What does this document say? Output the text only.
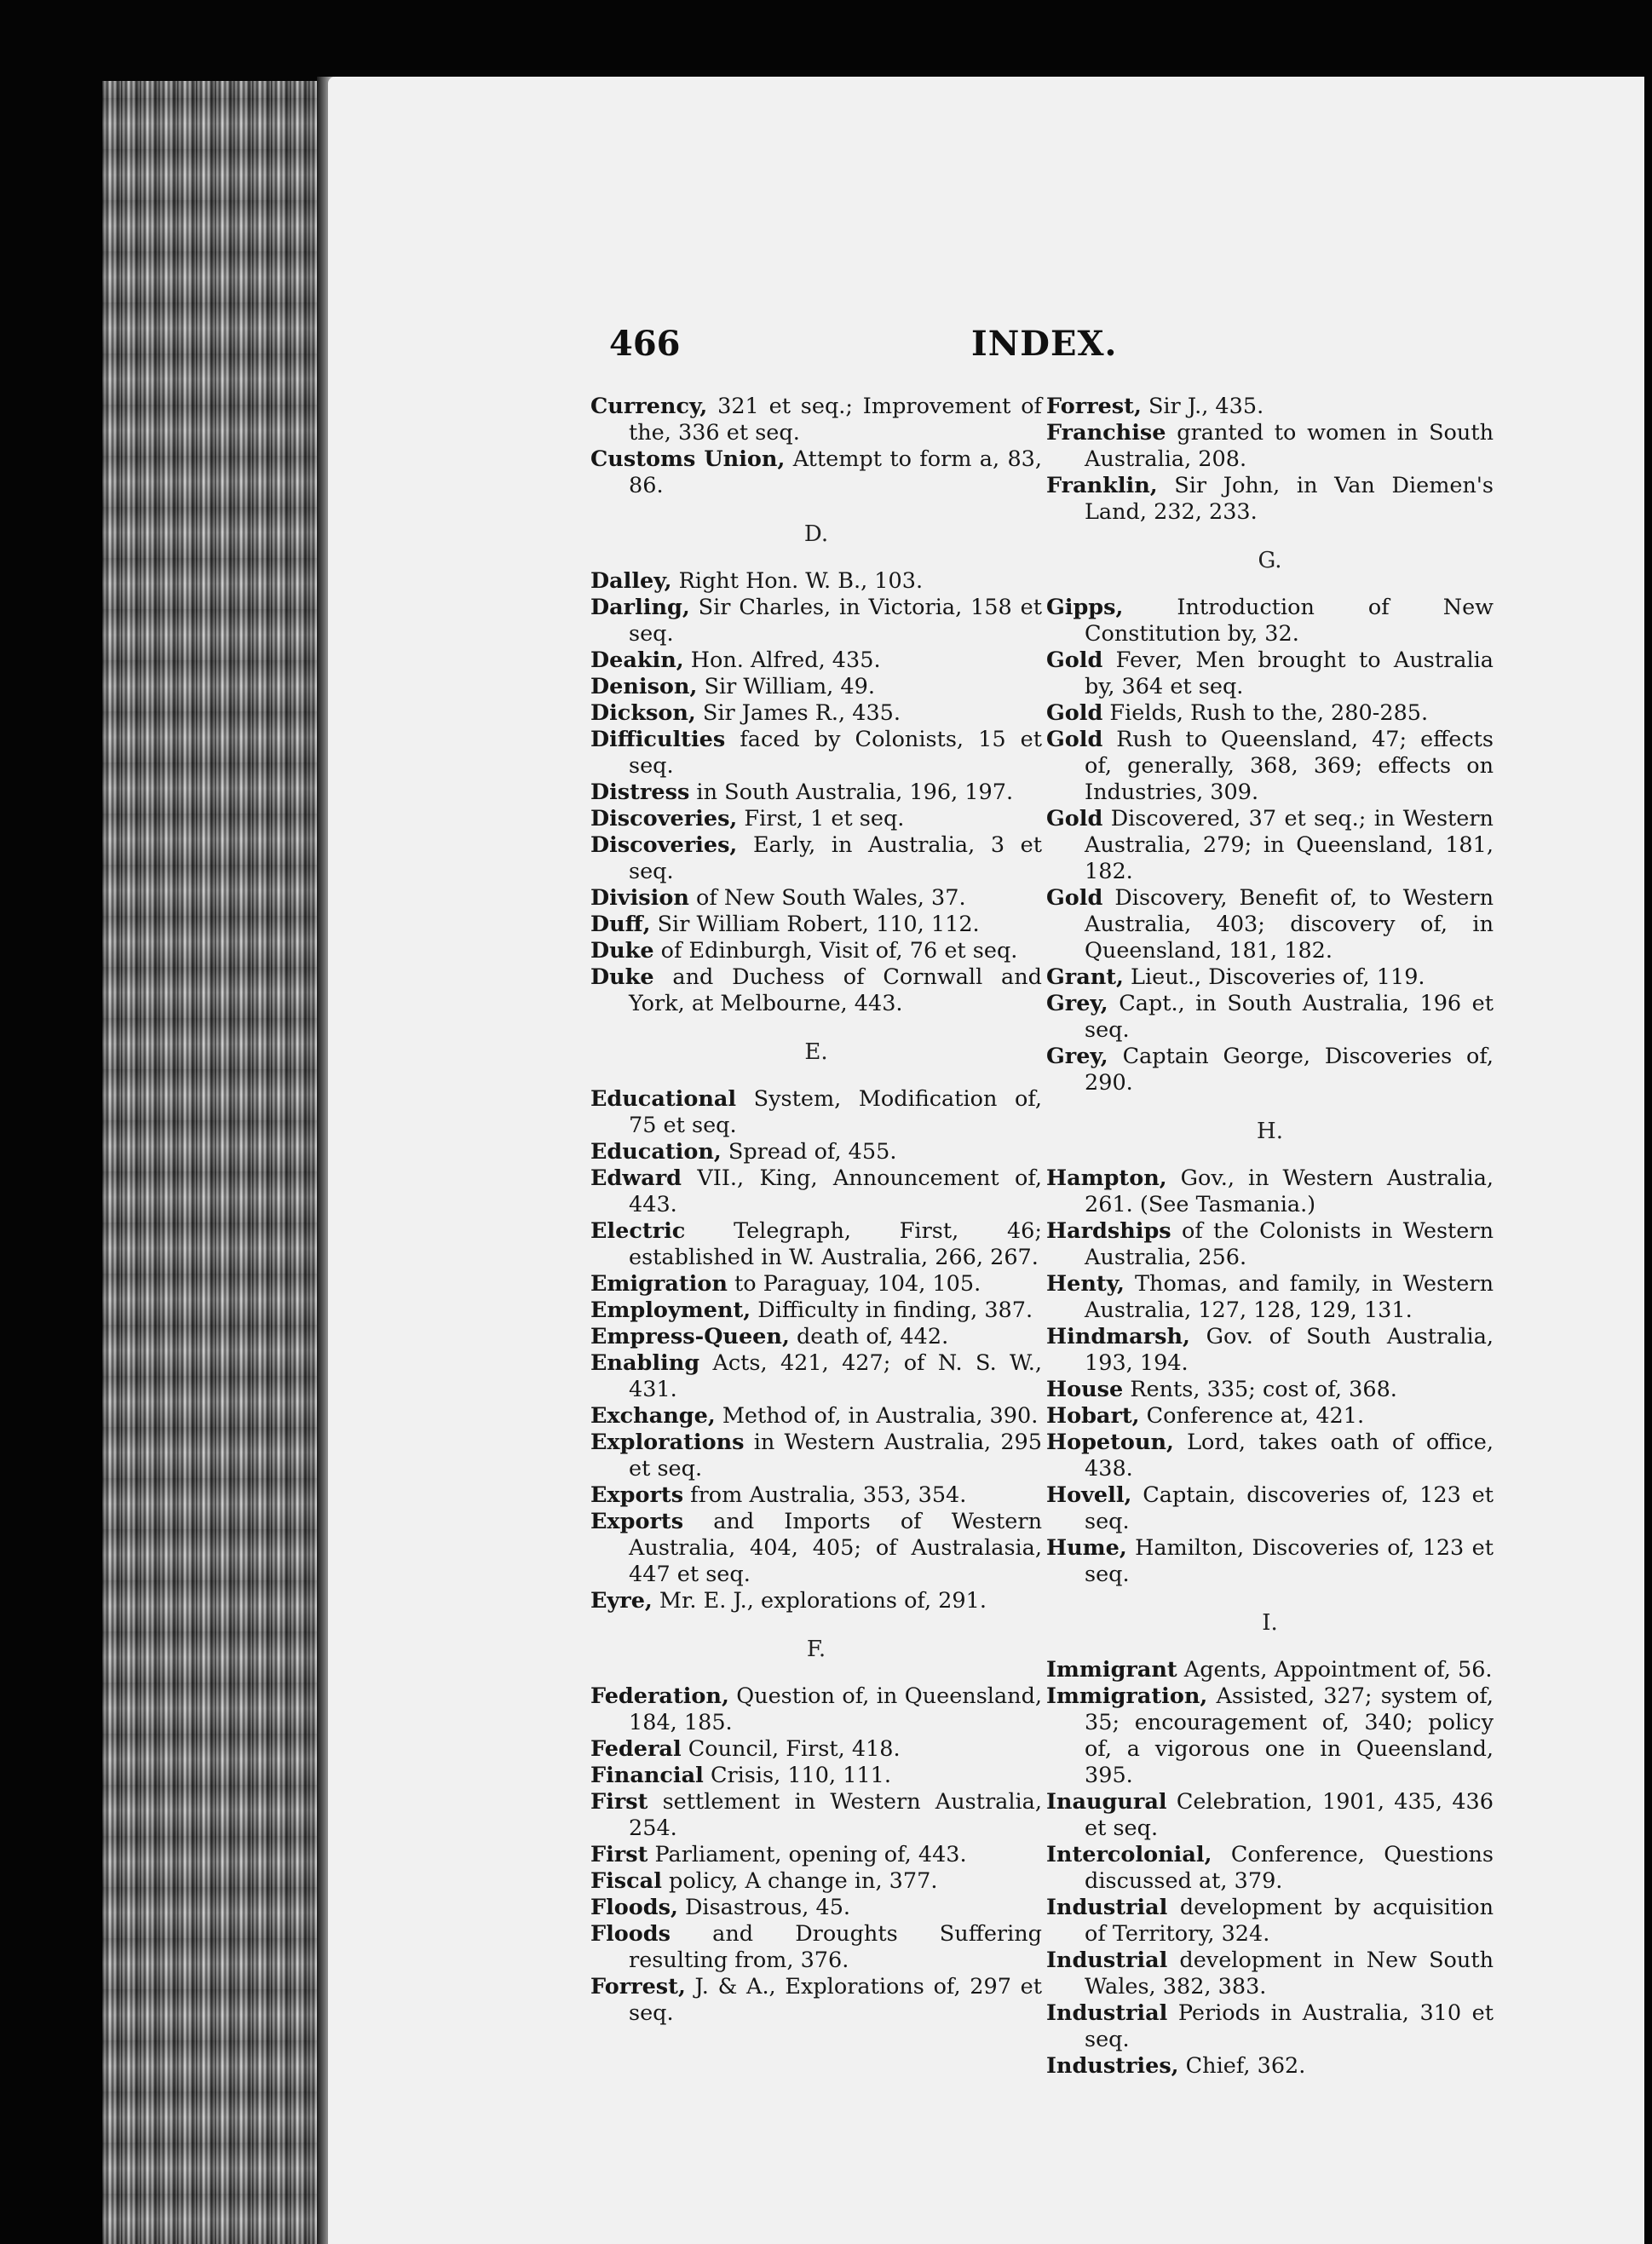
466	INDEX.

Currency, 321 et seq.; Improvement of the, 336 et seq.

Customs Union, Attempt to form a, 83, 86.

D.

Dalley, Right Hon. W. B., 103.

Darling, Sir Charles, in Victoria, 158 et seq.

Deakin, Hon. Alfred, 435.

Denison, Sir William, 49.

Dickson, Sir James R., 435.

Difficulties faced by Colonists, 15 et seq.

Distress in South Australia, 196, 197.

Discoveries, First, 1 et seq.

Discoveries, Early, in Australia, 3 et seq.

Division of New South Wales, 37.

Duff, Sir William Robert, 110, 112.

Duke of Edinburgh, Visit of, 76 et seq.

Duke and Duchess of Cornwall and York, at Melbourne, 443.

E.

Educational System, Modification of, 75 et seq.

Education, Spread of, 455.

Edward VII., King, Announcement of, 443.

Electric Telegraph, First, 46; established in W. Australia, 266, 267.

Emigration to Paraguay, 104, 105.

Employment, Difficulty in finding, 387.

Empress-Queen, death of, 442.

Enabling Acts, 421, 427; of N. S. W., 431.

Exchange, Method of, in Australia, 390.

Explorations in Western Australia, 295 et seq.

Exports from Australia, 353, 354.

Exports and Imports of Western Australia, 404, 405; of Australasia, 447 et seq.

Eyre, Mr. E. J., explorations of, 291.

F.

Federation, Question of, in Queensland, 184, 185.

Federal Council, First, 418.

Financial Crisis, 110, 111.

First settlement in Western Australia, 254.

First Parliament, opening of, 443.

Fiscal policy, A change in, 377.

Floods, Disastrous, 45.

Floods and Droughts Suffering resulting from, 376.

Forrest, J. & A., Explorations of, 297 et seq.

Forrest, Sir J., 435.

Franchise granted to women in South Australia, 208.

Franklin, Sir John, in Van Diemen's Land, 232, 233.

G.

Gipps, Introduction of New Constitution by, 32.

Gold Fever, Men brought to Australia by, 364 et seq.

Gold Fields, Rush to the, 280-285.

Gold Rush to Queensland, 47; effects of, generally, 368, 369; effects on Industries, 309.

Gold Discovered, 37 et seq.; in Western Australia, 279; in Queensland, 181, 182.

Gold Discovery, Benefit of, to Western Australia, 403; discovery of, in Queensland, 181, 182.

Grant, Lieut., Discoveries of, 119.

Grey, Capt., in South Australia, 196 et seq.

Grey, Captain George, Discoveries of, 290.

H.

Hampton, Gov., in Western Australia, 261. (See Tasmania.)

Hardships of the Colonists in Western Australia, 256.

Henty, Thomas, and family, in Western Australia, 127, 128, 129, 131.

Hindmarsh, Gov. of South Australia, 193, 194.

House Rents, 335; cost of, 368.

Hobart, Conference at, 421.

Hopetoun, Lord, takes oath of office, 438.

Hovell, Captain, discoveries of, 123 et seq.

Hume, Hamilton, Discoveries of, 123 et seq.

I.

Immigrant Agents, Appointment of, 56.

Immigration, Assisted, 327; system of, 35; encouragement of, 340; policy of, a vigorous one in Queensland, 395.

Inaugural Celebration, 1901, 435, 436 et seq.

Intercolonial, Conference, Questions discussed at, 379.

Industrial development by acquisition of Territory, 324.

Industrial development in New South Wales, 382, 383.

Industrial Periods in Australia, 310 et seq.

Industries, Chief, 362.
